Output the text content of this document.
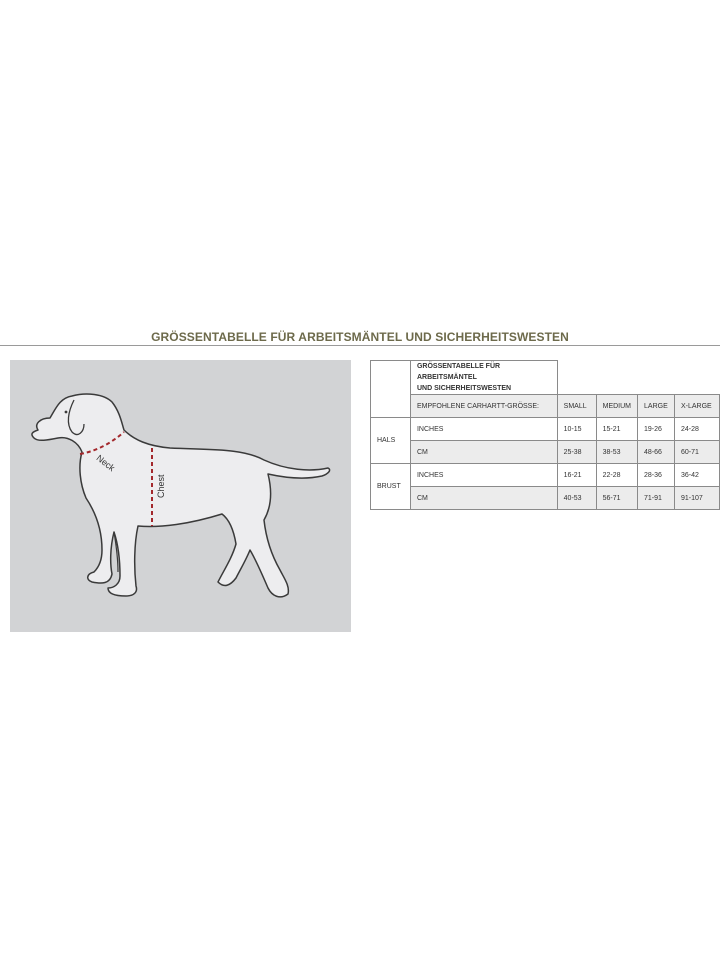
GRÖSSENTABELLE FÜR ARBEITSMÄNTEL UND SICHERHEITSWESTEN
Neck
Chest
	GRÖSSENTABELLE FÜR ARBEITSMÄNTEL
UND SICHERHEITSWESTEN				
	EMPFOHLENE CARHARTT-GRÖSSE:	SMALL	MEDIUM	LARGE	X-LARGE
HALS	INCHES	10-15	15-21	19-26	24-28
	CM	25-38	38-53	48-66	60-71
BRUST	INCHES	16-21	22-28	28-36	36-42
	CM	40-53	56-71	71-91	91-107
